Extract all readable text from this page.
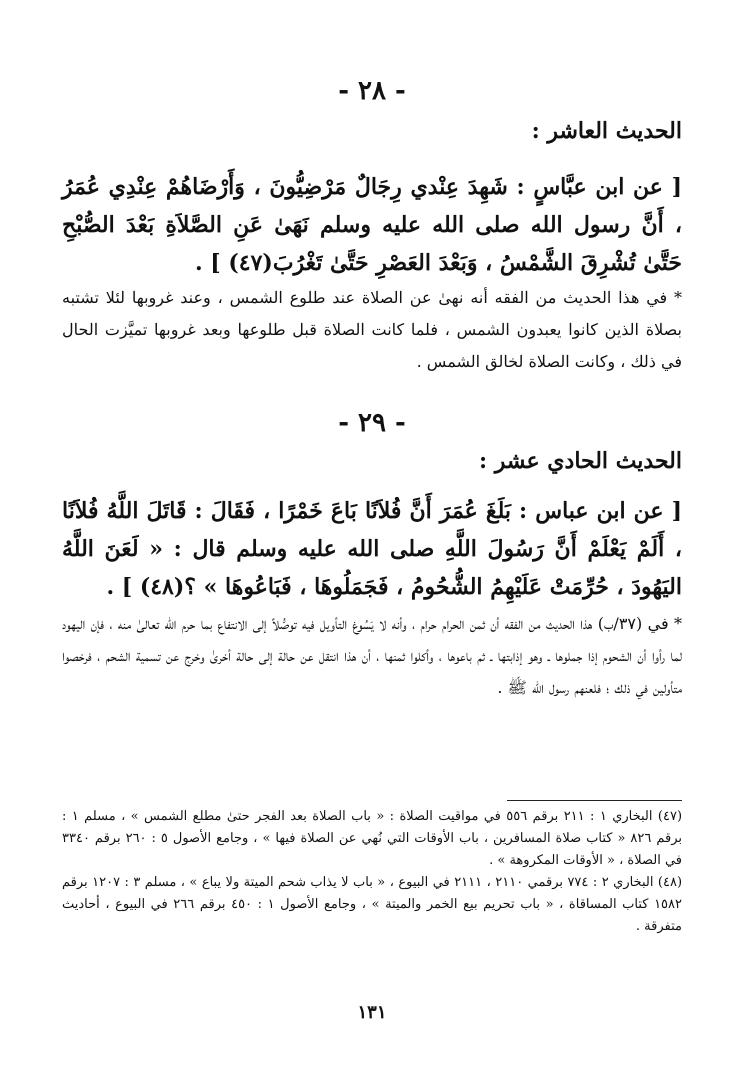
- ٢٨ -
الحديث العاشر :

[ عن ابن عبَّاسٍ : شَهِدَ عِنْدي رِجَالٌ مَرْضِيُّونَ ، وَأَرْضَاهُمْ عِنْدِي عُمَرُ ، أَنَّ رسول الله صلى الله عليه وسلم نَهَىٰ عَنِ الصَّلاَةِ بَعْدَ الصُّبْحِ حَتَّىٰ تُشْرِقَ الشَّمْسُ ، وَبَعْدَ العَصْرِ حَتَّىٰ تَغْرُبَ(٤٧) ] .

* في هذا الحديث من الفقه أنه نهىٰ عن الصلاة عند طلوع الشمس ، وعند غروبها لئلا تشتبه بصلاة الذين كانوا يعبدون الشمس ، فلما كانت الصلاة قبل طلوعها وبعد غروبها تميَّزت الحال في ذلك ، وكانت الصلاة لخالق الشمس .

- ٢٩ -
الحديث الحادي عشر :

[ عن ابن عباس : بَلَغَ عُمَرَ أَنَّ فُلاَنًا بَاعَ خَمْرًا ، فَقَالَ : قَاتَلَ اللَّهُ فُلاَنًا ، أَلَمْ يَعْلَمْ أَنَّ رَسُولَ اللَّهِ صلى الله عليه وسلم قال : « لَعَنَ اللَّهُ اليَهُودَ ، حُرِّمَتْ عَلَيْهِمُ الشُّحُومُ ، فَجَمَلُوهَا ، فَبَاعُوهَا » ؟(٤٨) ] .

* في (٣٧/ب) هذا الحديث من الفقه أن ثمن الحرام حرام ، وأنه لا يَسُوغ التأويل فيه توصُّلاً إلى الانتفاع بما حرم الله تعالىٰ منه ، فإن اليهود لما رأوا أن الشحوم إذا جملوها ـ وهو إذابتها ـ ثم باعوها ، وأكلوا ثمنها ، أن هذا انتقل عن حالة إلى حالة أخرىٰ وخرج عن تسمية الشحم ، فرخصوا متأولين في ذلك ؛ فلعنهم رسول الله ﷺ .

(٤٧) البخاري ١ : ٢١١ برقم ٥٥٦ في مواقيت الصلاة : « باب الصلاة بعد الفجر حتىٰ مطلع الشمس » ، مسلم ١ : برقم ٨٢٦ « كتاب صلاة المسافرين ، باب الأوقات التي نُهي عن الصلاة فيها » ، وجامع الأصول ٥ : ٢٦٠ برقم ٣٣٤٠ في الصلاة ، « الأوقات المكروهة » .

(٤٨) البخاري ٢ : ٧٧٤ برقمي ٢١١٠ ، ٢١١١ في البيوع ، « باب لا يذاب شحم الميتة ولا يباع » ، مسلم ٣ : ١٢٠٧ برقم ١٥٨٢ كتاب المساقاة ، « باب تحريم بيع الخمر والميتة » ، وجامع الأصول ١ : ٤٥٠ برقم ٢٦٦ في البيوع ، أحاديث متفرقة .

١٣١
